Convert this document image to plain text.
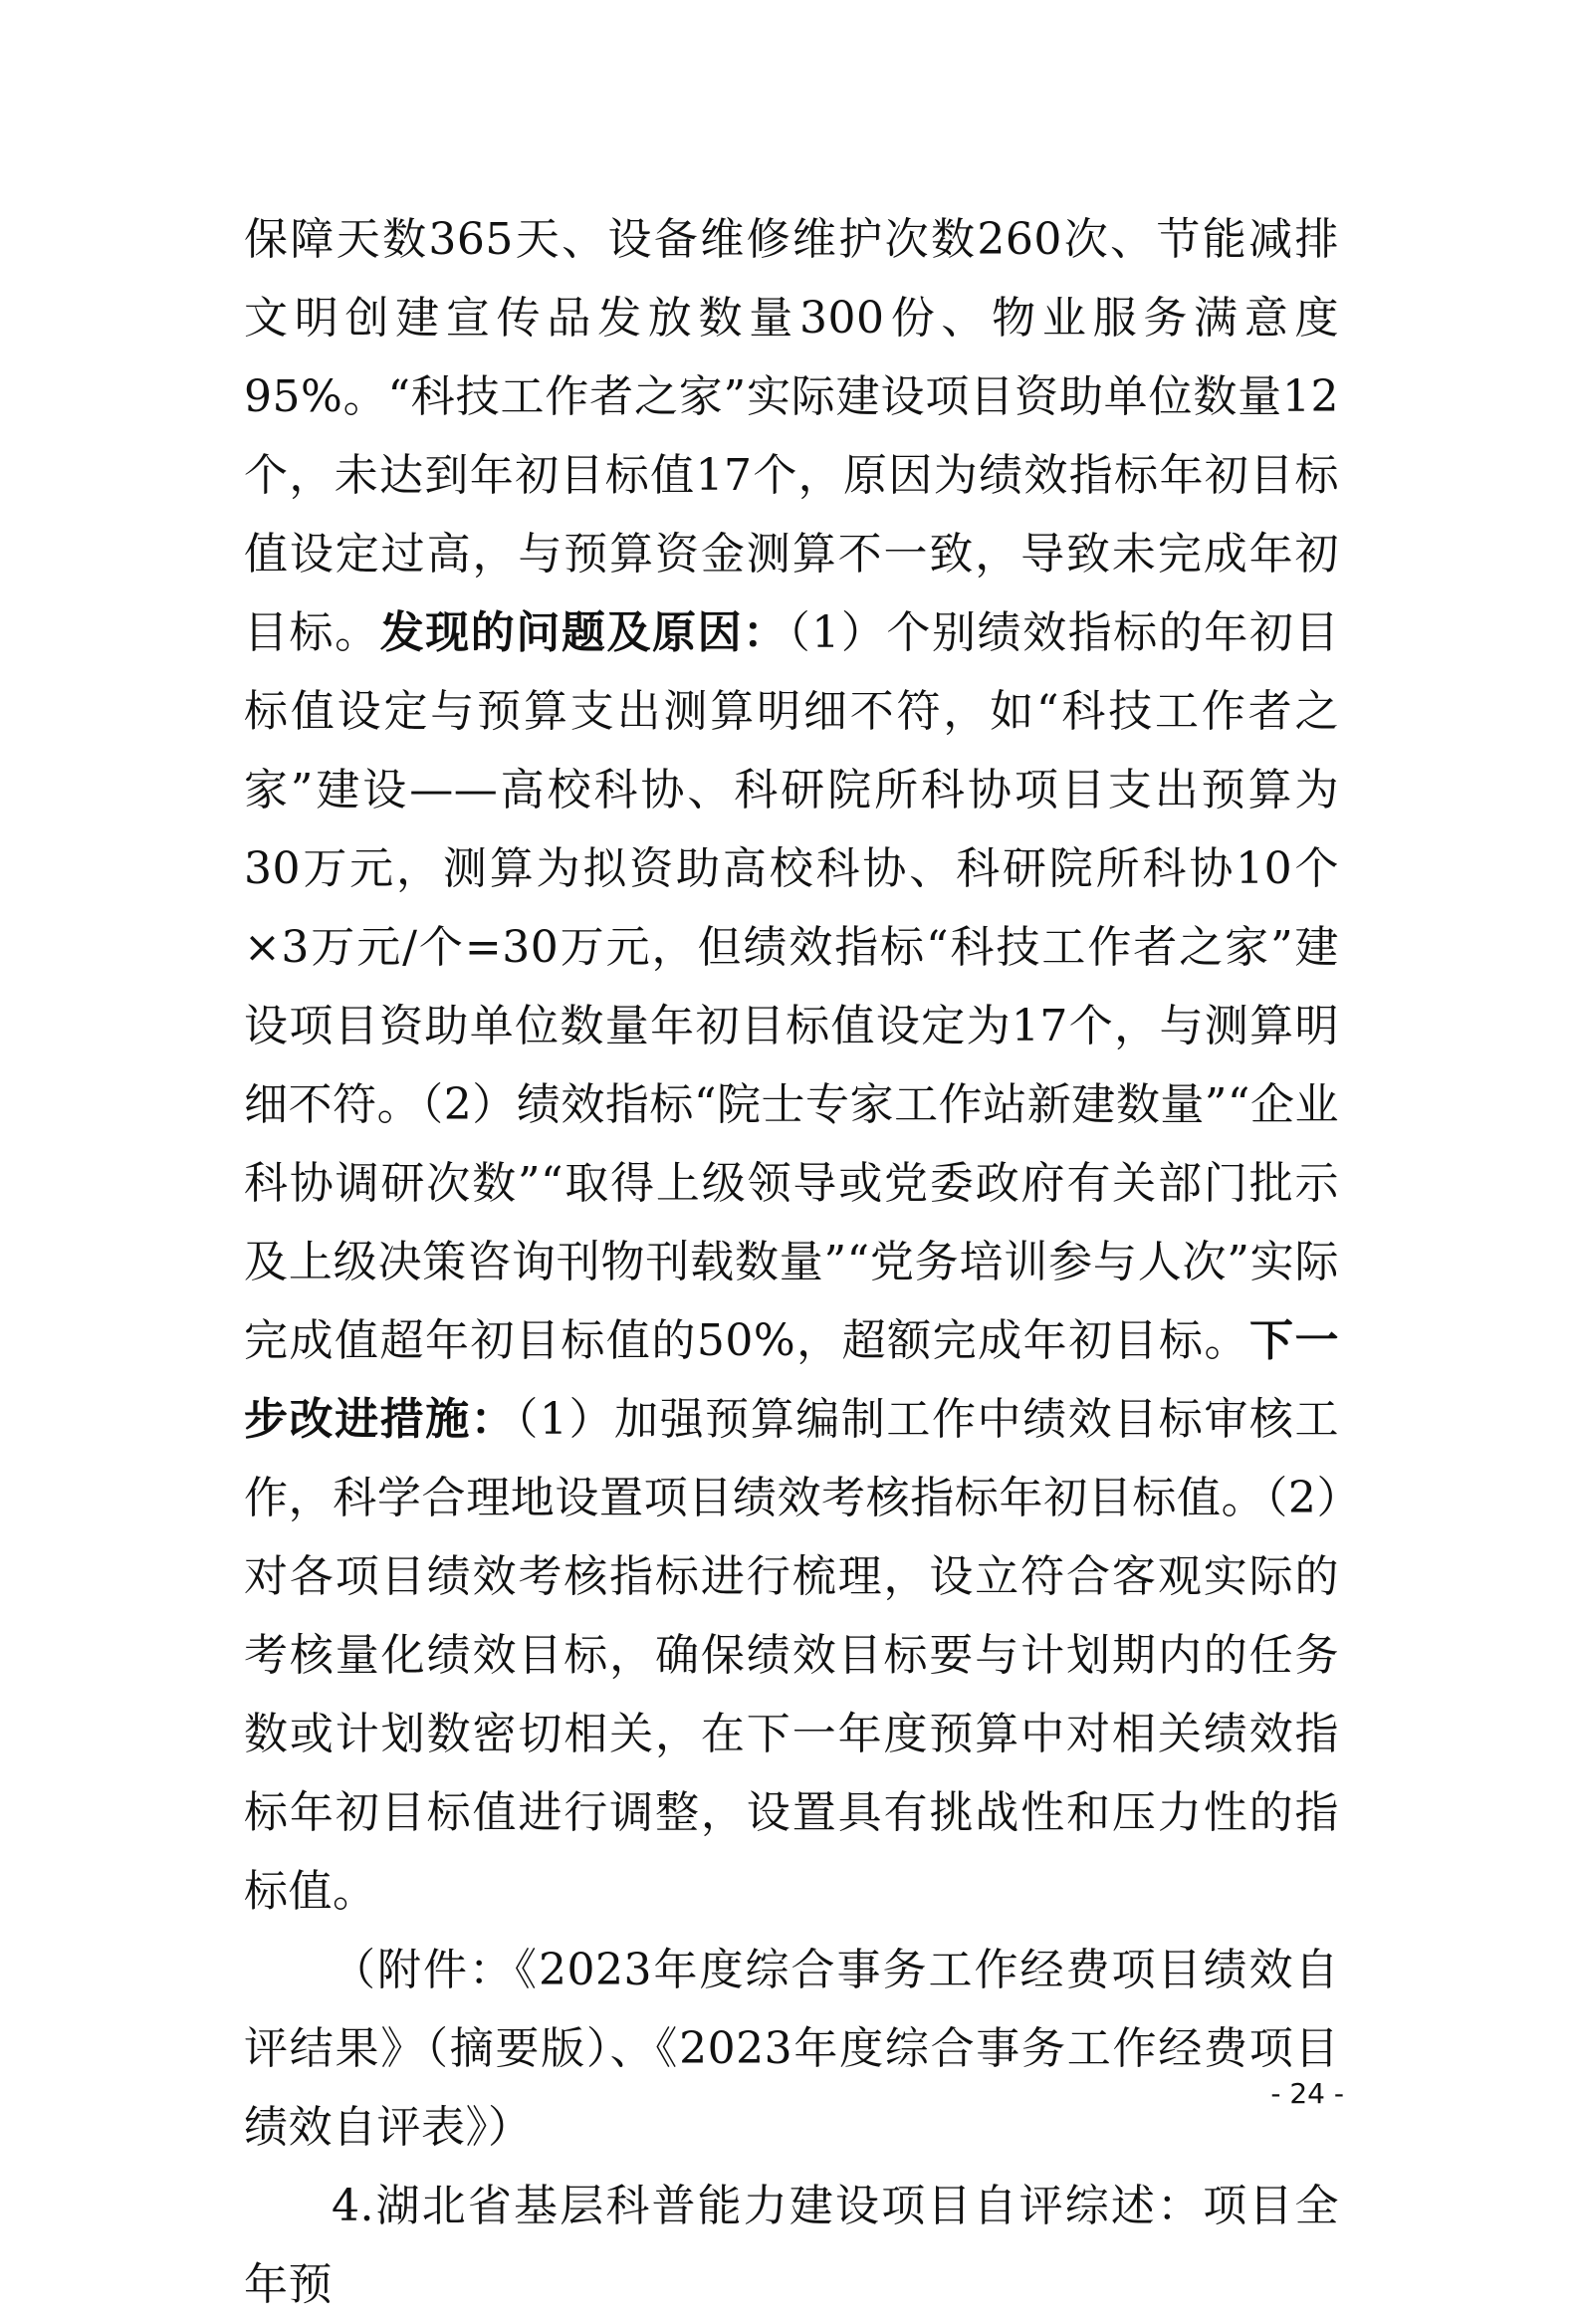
保障天数365天、设备维修维护次数260次、节能减排文明创建宣传品发放数量300份、物业服务满意度95%。“科技工作者之家”实际建设项目资助单位数量12个，未达到年初目标值17个，原因为绩效指标年初目标值设定过高，与预算资金测算不一致，导致未完成年初目标。发现的问题及原因：（1）个别绩效指标的年初目标值设定与预算支出测算明细不符，如“科技工作者之家”建设——高校科协、科研院所科协项目支出预算为30万元，测算为拟资助高校科协、科研院所科协10个×3万元/个=30万元，但绩效指标“科技工作者之家”建设项目资助单位数量年初目标值设定为17个，与测算明细不符。（2）绩效指标“院士专家工作站新建数量”“企业科协调研次数”“取得上级领导或党委政府有关部门批示及上级决策咨询刊物刊载数量”“党务培训参与人次”实际完成值超年初目标值的50%，超额完成年初目标。下一步改进措施：（1）加强预算编制工作中绩效目标审核工作，科学合理地设置项目绩效考核指标年初目标值。（2）对各项目绩效考核指标进行梳理，设立符合客观实际的考核量化绩效目标，确保绩效目标要与计划期内的任务数或计划数密切相关，在下一年度预算中对相关绩效指标年初目标值进行调整，设置具有挑战性和压力性的指标值。

（附件：《2023年度综合事务工作经费项目绩效自评结果》（摘要版）、《2023年度综合事务工作经费项目绩效自评表》）

4.湖北省基层科普能力建设项目自评综述：项目全年预

- 24 -
